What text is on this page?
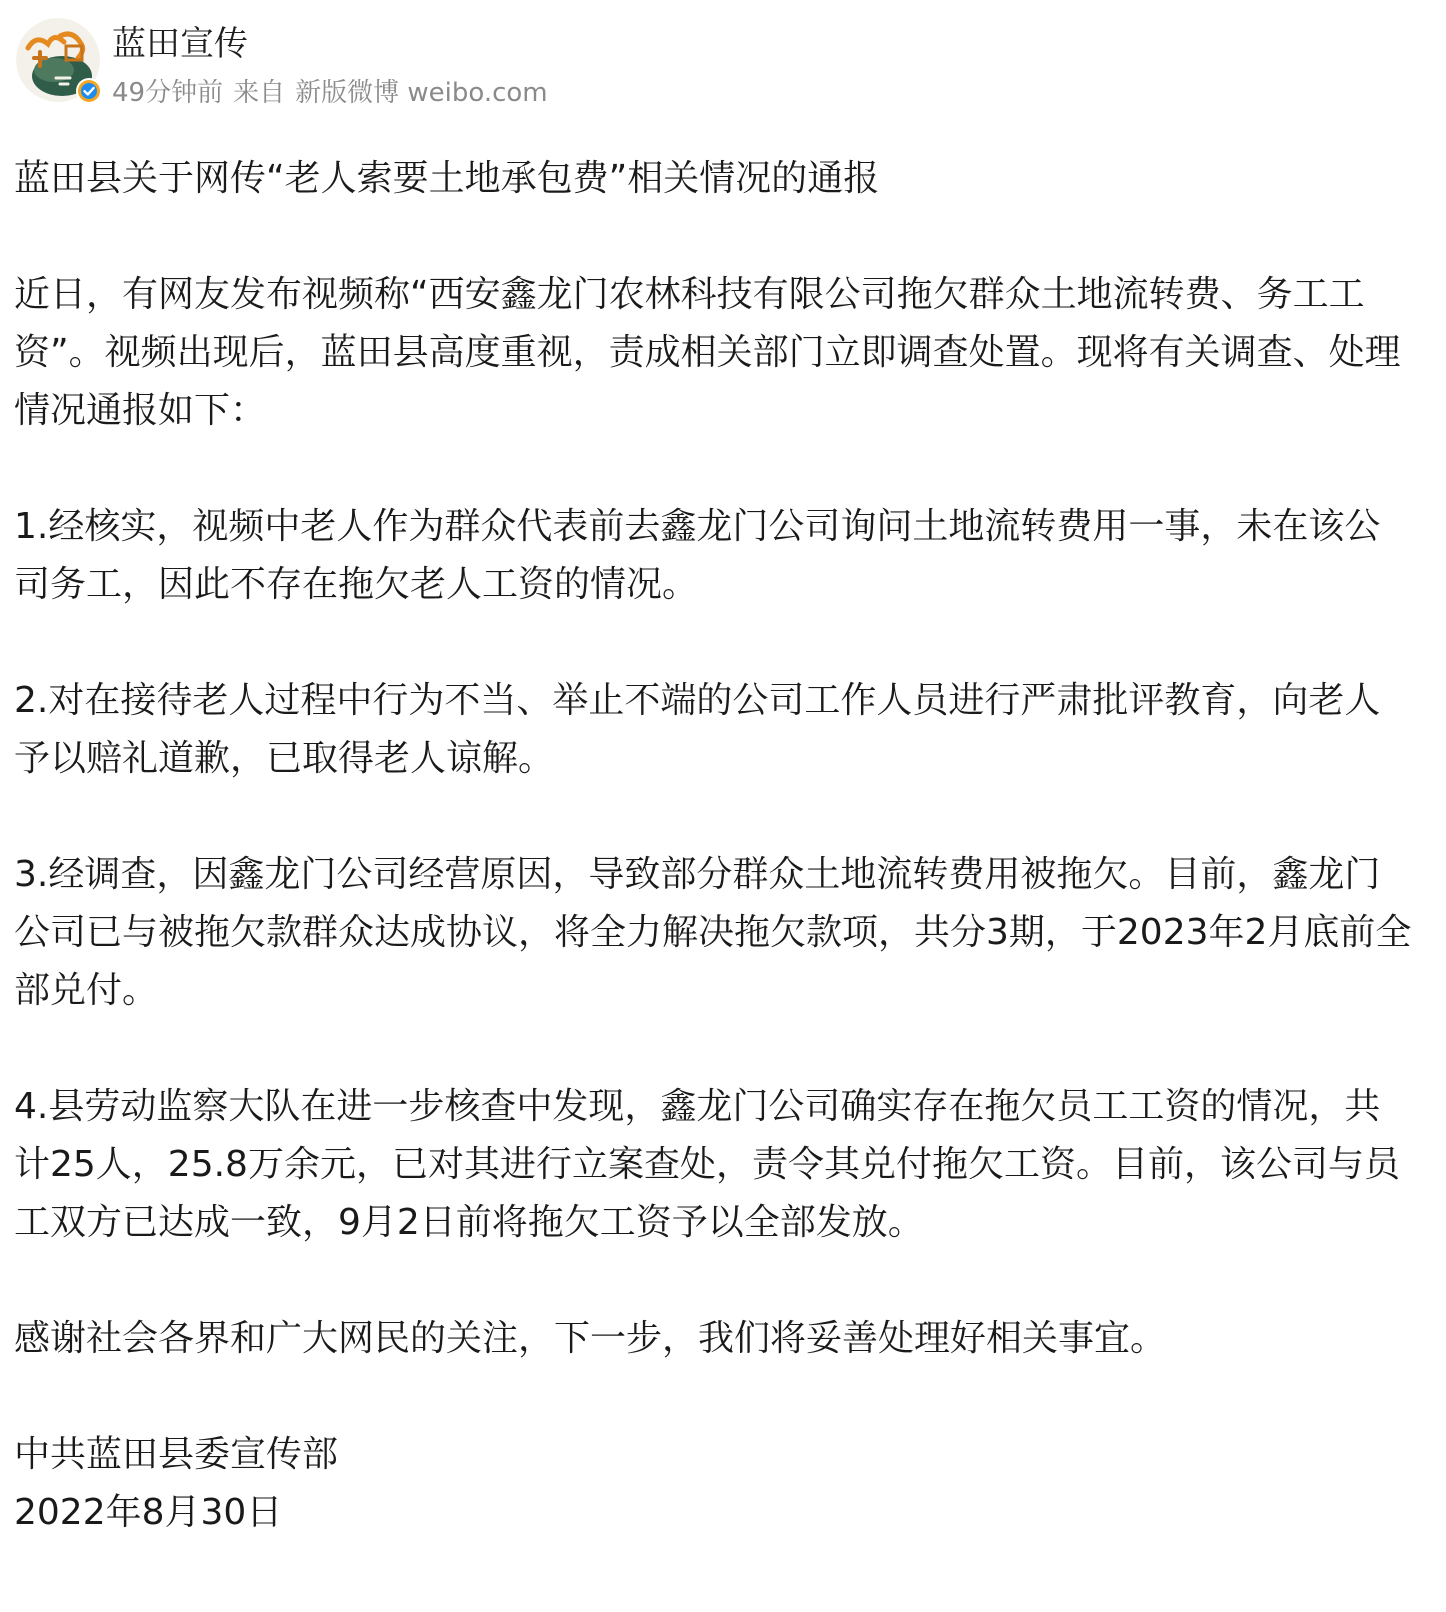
蓝田宣传
49分钟前 来自 新版微博 weibo.com

蓝田县关于网传“老人索要土地承包费”相关情况的通报

近日，有网友发布视频称“西安鑫龙门农林科技有限公司拖欠群众土地流转费、务工工资”。视频出现后，蓝田县高度重视，责成相关部门立即调查处置。现将有关调查、处理情况通报如下：

1.经核实，视频中老人作为群众代表前去鑫龙门公司询问土地流转费用一事，未在该公司务工，因此不存在拖欠老人工资的情况。

2.对在接待老人过程中行为不当、举止不端的公司工作人员进行严肃批评教育，向老人予以赔礼道歉，已取得老人谅解。

3.经调查，因鑫龙门公司经营原因，导致部分群众土地流转费用被拖欠。目前，鑫龙门公司已与被拖欠款群众达成协议，将全力解决拖欠款项，共分3期，于2023年2月底前全部兑付。

4.县劳动监察大队在进一步核查中发现，鑫龙门公司确实存在拖欠员工工资的情况，共计25人，25.8万余元，已对其进行立案查处，责令其兑付拖欠工资。目前，该公司与员工双方已达成一致，9月2日前将拖欠工资予以全部发放。

感谢社会各界和广大网民的关注，下一步，我们将妥善处理好相关事宜。

中共蓝田县委宣传部

2022年8月30日
